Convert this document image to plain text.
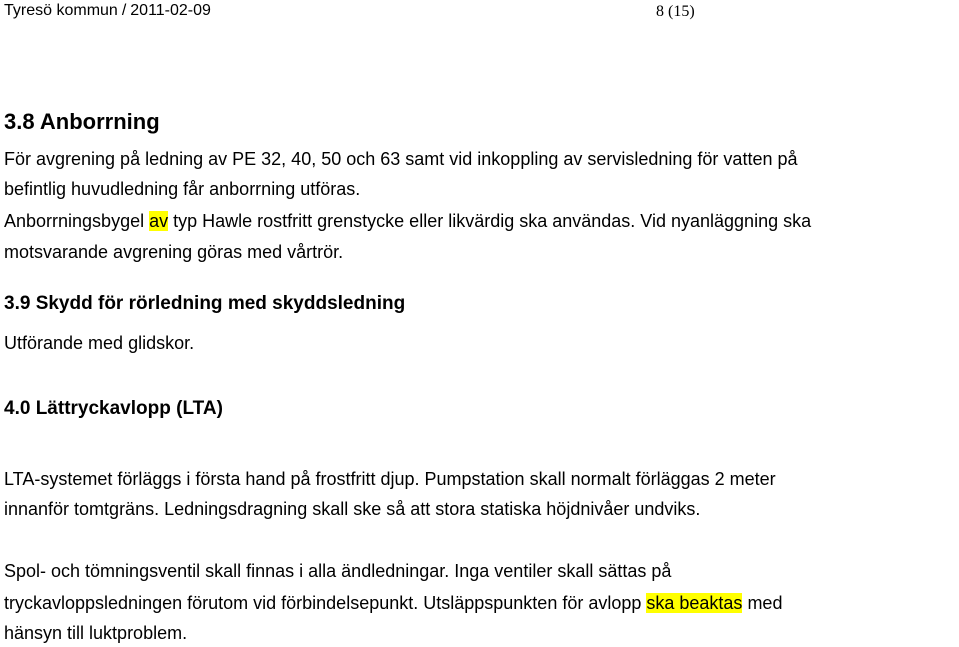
Tyresö kommun / 2011-02-09	8 (15)
3.8 Anborrning

För avgrening på ledning av PE 32, 40, 50 och 63 samt vid inkoppling av servisledning för vatten på

befintlig huvudledning får anborrning utföras.

Anborrningsbygel av typ Hawle rostfritt grenstycke eller likvärdig ska användas. Vid nyanläggning ska

motsvarande avgrening göras med vårtrör.

3.9 Skydd för rörledning med skyddsledning

Utförande med glidskor.

4.0 Lättryckavlopp (LTA)

LTA-systemet förläggs i första hand på frostfritt djup. Pumpstation skall normalt förläggas 2 meter

innanför tomtgräns. Ledningsdragning skall ske så att stora statiska höjdnivåer undviks.

Spol- och tömningsventil skall finnas i alla ändledningar. Inga ventiler skall sättas på

tryckavloppsledningen förutom vid förbindelsepunkt. Utsläppspunkten för avlopp ska beaktas med

hänsyn till luktproblem.
